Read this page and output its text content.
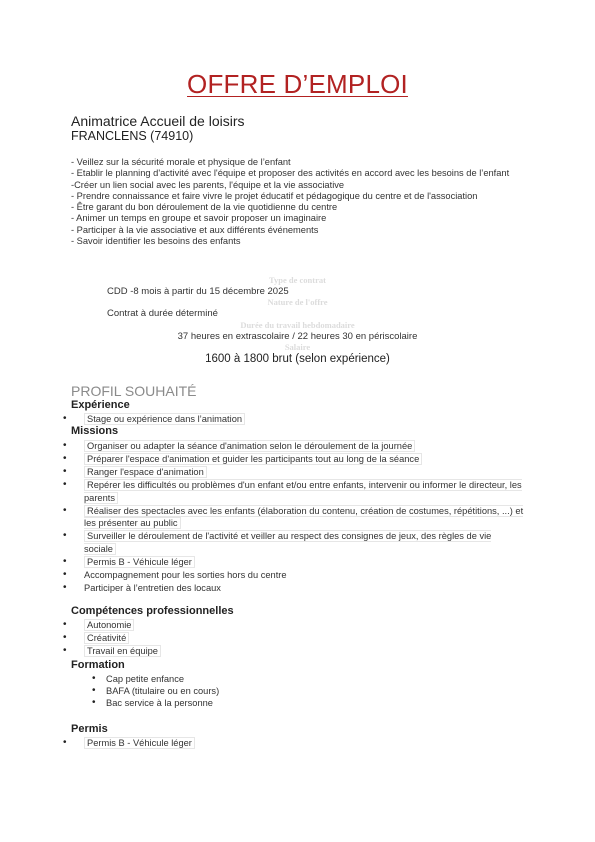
OFFRE D’EMPLOI
Animatrice Accueil de loisirs
FRANCLENS (74910)
- Veillez sur la sécurité morale et physique de l’enfant
- Etablir le planning d'activité avec l'équipe et proposer des activités en accord avec les besoins de l’enfant
-Créer un lien social avec les parents, l'équipe et la vie associative
- Prendre connaissance et faire vivre le projet éducatif et pédagogique du centre et de l'association
- Être garant du bon déroulement de la vie quotidienne du centre
- Animer un temps en groupe et savoir proposer un imaginaire
- Participer à la vie associative et aux différents événements
- Savoir identifier les besoins des enfants
Type de contrat
CDD -8 mois à partir du 15 décembre 2025
Nature de l'offre
Contrat à durée déterminé
Durée du travail hebdomadaire
37 heures en extrascolaire / 22 heures 30 en périscolaire
Salaire
1600 à 1800 brut (selon expérience)
PROFIL SOUHAITÉ
Expérience
• Stage ou expérience dans l’animation
Missions
• Organiser ou adapter la séance d'animation selon le déroulement de la journée
• Préparer l'espace d'animation et guider les participants tout au long de la séance
• Ranger l'espace d'animation
• Repérer les difficultés ou problèmes d'un enfant et/ou entre enfants, intervenir ou informer le directeur, les parents
• Réaliser des spectacles avec les enfants (élaboration du contenu, création de costumes, répétitions, ...) et les présenter au public
• Surveiller le déroulement de l'activité et veiller au respect des consignes de jeux, des règles de vie sociale
• Permis B - Véhicule léger
• Accompagnement pour les sorties hors du centre
• Participer à l’entretien des locaux
Compétences professionnelles
• Autonomie
• Créativité
• Travail en équipe
Formation
• Cap petite enfance
• BAFA (titulaire ou en cours)
• Bac service à la personne
Permis
• Permis B - Véhicule léger
